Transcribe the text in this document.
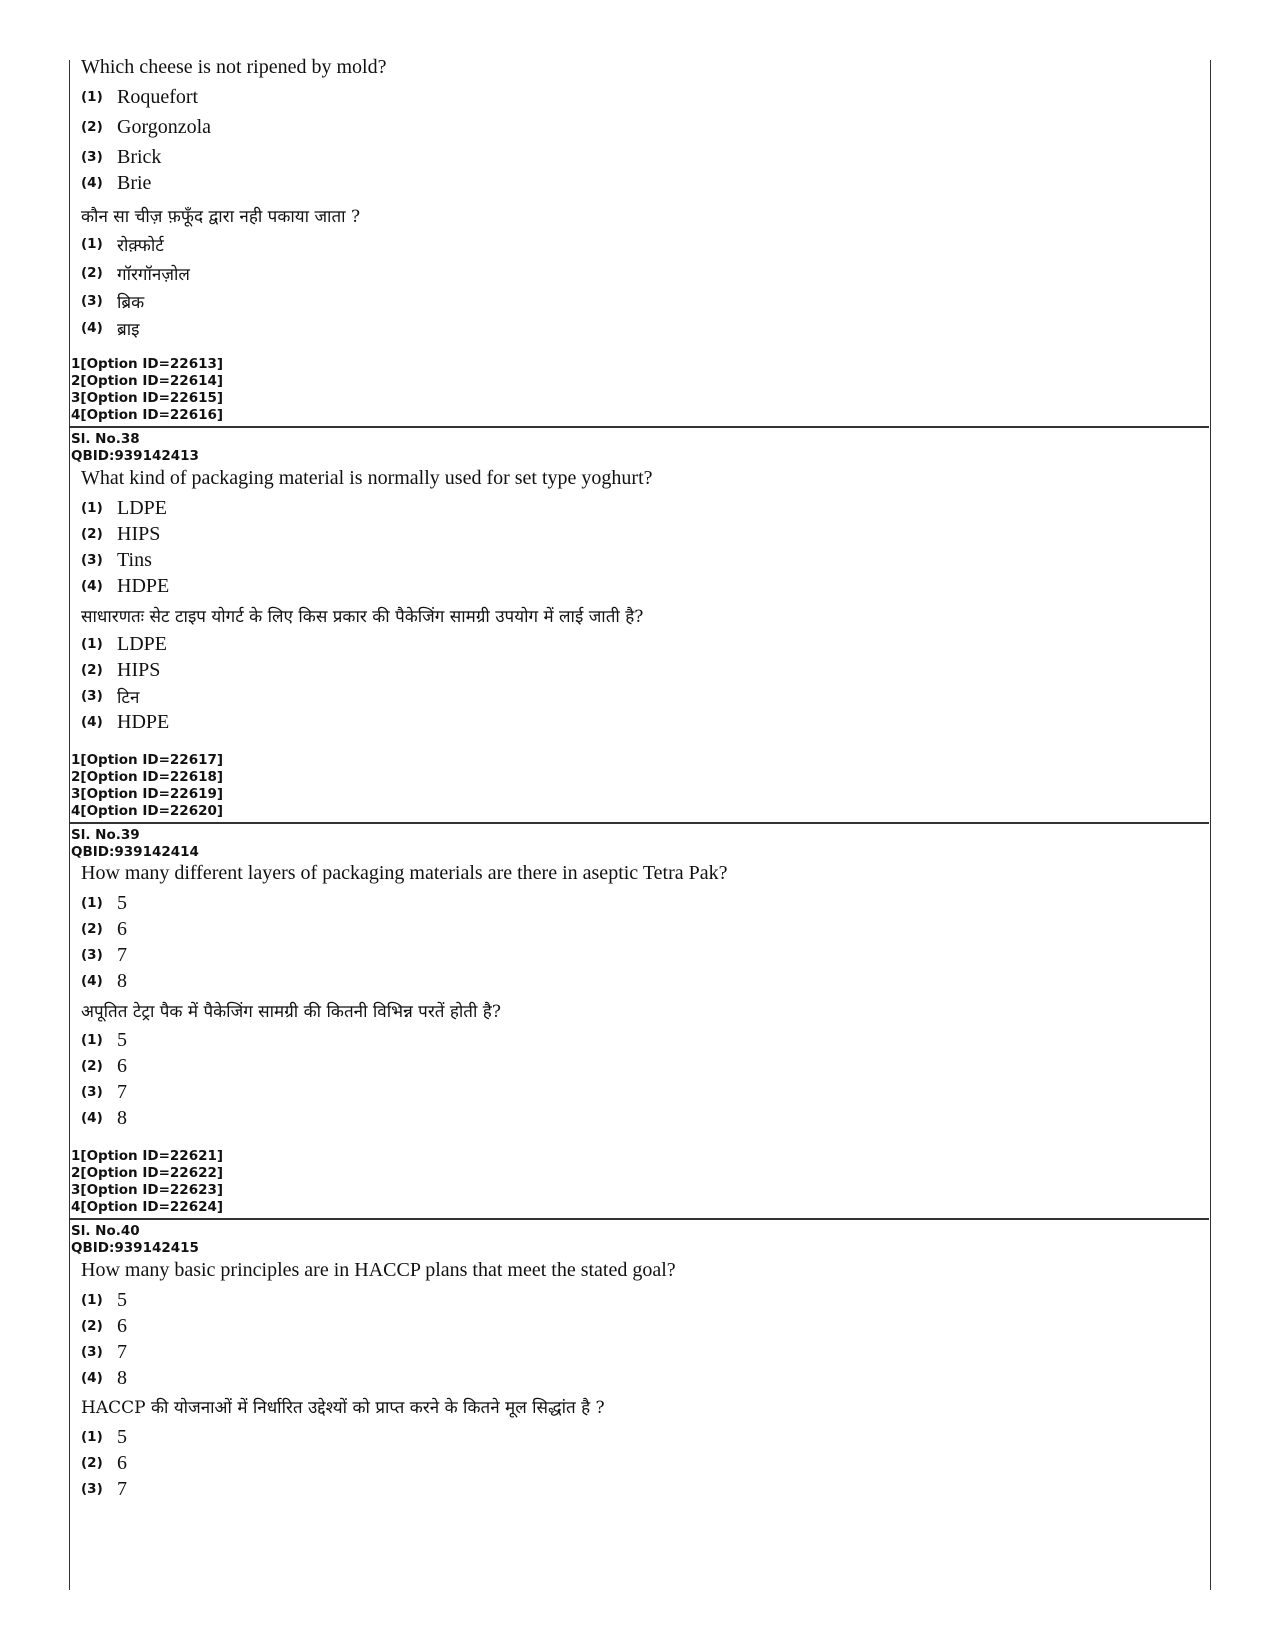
Which cheese is not ripened by mold?
(1) Roquefort
(2) Gorgonzola
(3) Brick
(4) Brie
कौन सा चीज़ फ़फूँद द्वारा नही पकाया जाता ?
(1) रोक़्फोर्ट
(2) गॉरगॉनज़ोल
(3) ब्रिक
(4) ब्राइ
1[Option ID=22613]
2[Option ID=22614]
3[Option ID=22615]
4[Option ID=22616]
Sl. No.38
QBID:939142413
What kind of packaging material is normally used for set type yoghurt?
(1) LDPE
(2) HIPS
(3) Tins
(4) HDPE
साधारणतः सेट टाइप योगर्ट के लिए किस प्रकार की पैकेजिंग सामग्री उपयोग में लाई जाती है?
(1) LDPE
(2) HIPS
(3) टिन
(4) HDPE
1[Option ID=22617]
2[Option ID=22618]
3[Option ID=22619]
4[Option ID=22620]
Sl. No.39
QBID:939142414
How many different layers of packaging materials are there in aseptic Tetra Pak?
(1) 5
(2) 6
(3) 7
(4) 8
अपूतित टेट्रा पैक में पैकेजिंग सामग्री की कितनी विभिन्न परतें होती है?
(1) 5
(2) 6
(3) 7
(4) 8
1[Option ID=22621]
2[Option ID=22622]
3[Option ID=22623]
4[Option ID=22624]
Sl. No.40
QBID:939142415
How many basic principles are in HACCP plans that meet the stated goal?
(1) 5
(2) 6
(3) 7
(4) 8
HACCP की योजनाओं में निर्धारित उद्देश्यों को प्राप्त करने के कितने मूल सिद्धांत है ?
(1) 5
(2) 6
(3) 7
